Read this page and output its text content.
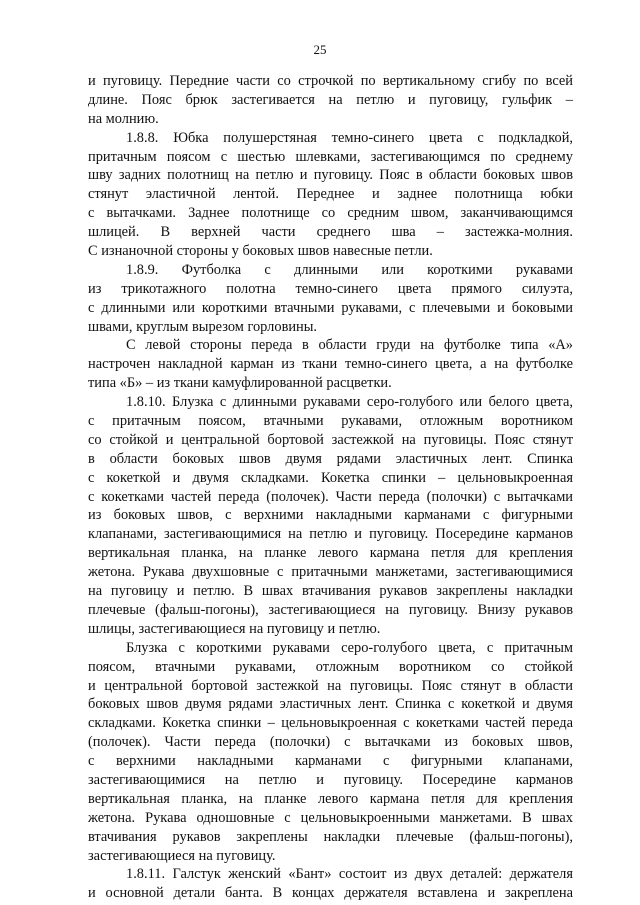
25
и пуговицу. Передние части со строчкой по вертикальному сгибу по всей
длине. Пояс брюк застегивается на петлю и пуговицу, гульфик –
на молнию.
1.8.8. Юбка полушерстяная темно-синего цвета с подкладкой,
притачным поясом с шестью шлевками, застегивающимся по среднему
шву задних полотнищ на петлю и пуговицу. Пояс в области боковых швов
стянут эластичной лентой. Переднее и заднее полотнища юбки
с вытачками. Заднее полотнище со средним швом, заканчивающимся
шлицей. В верхней части среднего шва – застежка-молния.
С изнаночной стороны у боковых швов навесные петли.
1.8.9. Футболка с длинными или короткими рукавами
из трикотажного полотна темно-синего цвета прямого силуэта,
с длинными или короткими втачными рукавами, с плечевыми и боковыми
швами, круглым вырезом горловины.
С левой стороны переда в области груди на футболке типа «А»
настрочен накладной карман из ткани темно-синего цвета, а на футболке
типа «Б» – из ткани камуфлированной расцветки.
1.8.10. Блузка с длинными рукавами серо-голубого или белого цвета,
с притачным поясом, втачными рукавами, отложным воротником
со стойкой и центральной бортовой застежкой на пуговицы. Пояс стянут
в области боковых швов двумя рядами эластичных лент. Спинка
с кокеткой и двумя складками. Кокетка спинки – цельновыкроенная
с кокетками частей переда (полочек). Части переда (полочки) с вытачками
из боковых швов, с верхними накладными карманами с фигурными
клапанами, застегивающимися на петлю и пуговицу. Посередине карманов
вертикальная планка, на планке левого кармана петля для крепления
жетона. Рукава двухшовные с притачными манжетами, застегивающимися
на пуговицу и петлю. В швах втачивания рукавов закреплены накладки
плечевые (фальш-погоны), застегивающиеся на пуговицу. Внизу рукавов
шлицы, застегивающиеся на пуговицу и петлю.
Блузка с короткими рукавами серо-голубого цвета, с притачным
поясом, втачными рукавами, отложным воротником со стойкой
и центральной бортовой застежкой на пуговицы. Пояс стянут в области
боковых швов двумя рядами эластичных лент. Спинка с кокеткой и двумя
складками. Кокетка спинки – цельновыкроенная с кокетками частей переда
(полочек). Части переда (полочки) с вытачками из боковых швов,
с верхними накладными карманами с фигурными клапанами,
застегивающимися на петлю и пуговицу. Посередине карманов
вертикальная планка, на планке левого кармана петля для крепления
жетона. Рукава одношовные с цельновыкроенными манжетами. В швах
втачивания рукавов закреплены накладки плечевые (фальш-погоны),
застегивающиеся на пуговицу.
1.8.11. Галстук женский «Бант» состоит из двух деталей: держателя
и основной детали банта. В концах держателя вставлена и закреплена
